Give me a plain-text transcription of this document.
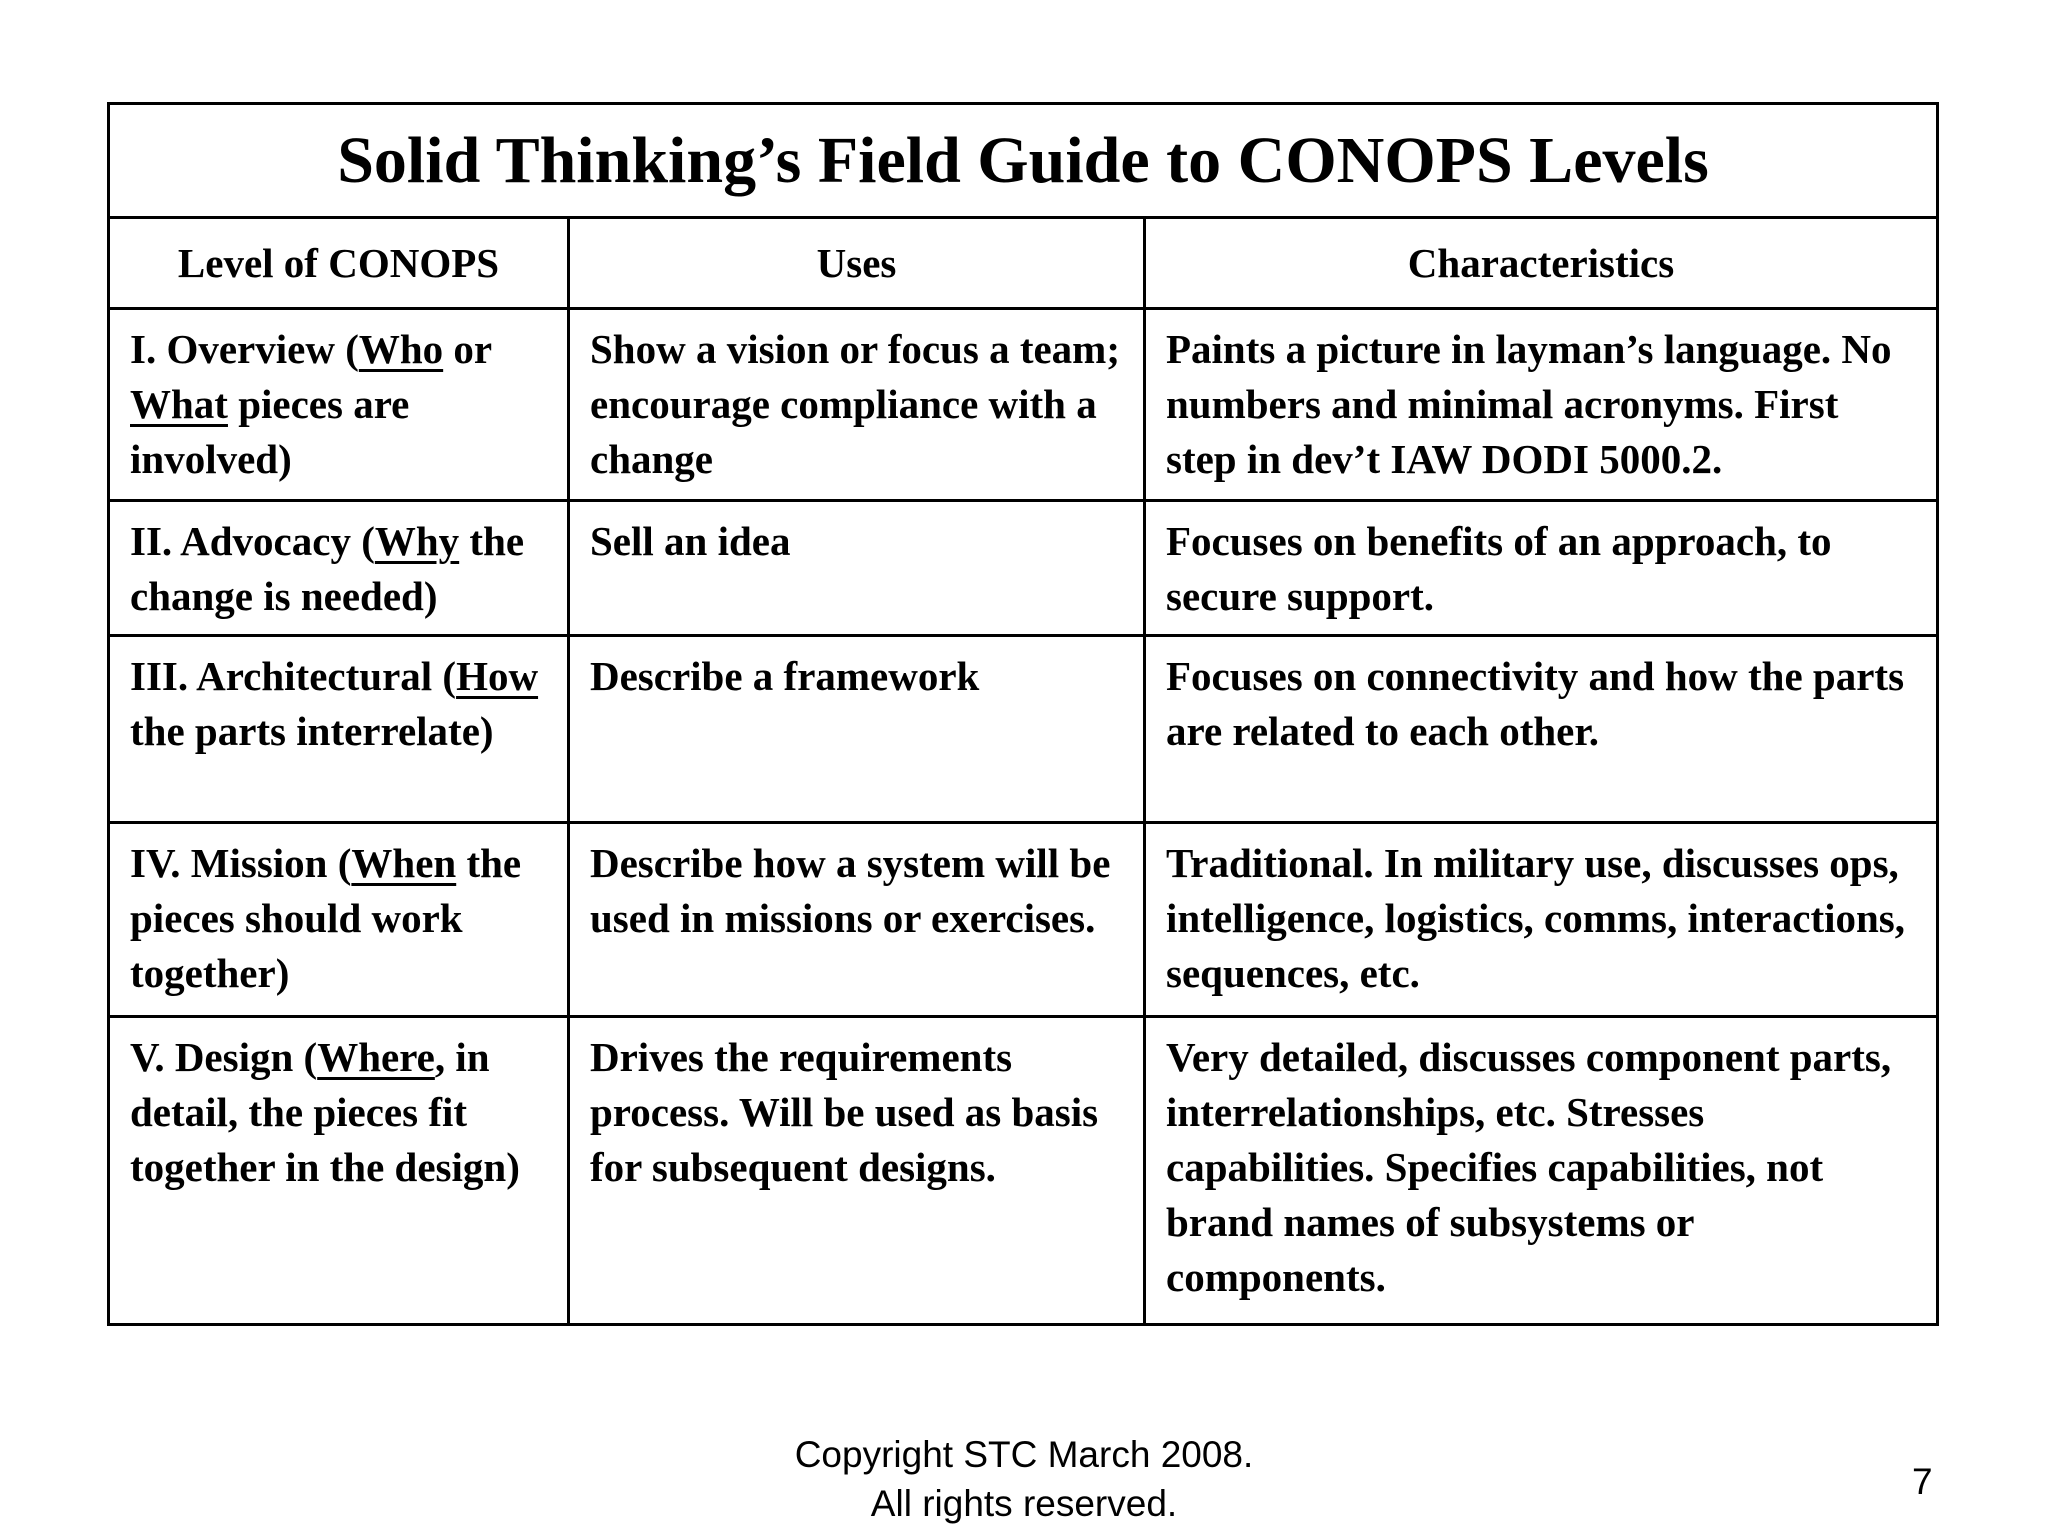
Solid Thinking’s Field Guide to CONOPS Levels		
Level of CONOPS	Uses	Characteristics
I. Overview (Who or What pieces are involved)	Show a vision or focus a team; encourage compliance with a change	Paints a picture in layman’s language. No numbers and minimal acronyms. First step in dev’t IAW DODI 5000.2.
II. Advocacy (Why the change is needed)	Sell an idea	Focuses on benefits of an approach, to secure support.
III. Architectural (How the parts interrelate)	Describe a framework	Focuses on connectivity and how the parts are related to each other.
IV. Mission (When the pieces should work together)	Describe how a system will be used in missions or exercises.	Traditional. In military use, discusses ops, intelligence, logistics, comms, interactions, sequences, etc.
V. Design (Where, in detail, the pieces fit together in the design)	Drives the requirements process. Will be used as basis for subsequent designs.	Very detailed, discusses component parts, interrelationships, etc. Stresses capabilities. Specifies capabilities, not brand names of subsystems or components.
Copyright STC March 2008.
All rights reserved.
7
